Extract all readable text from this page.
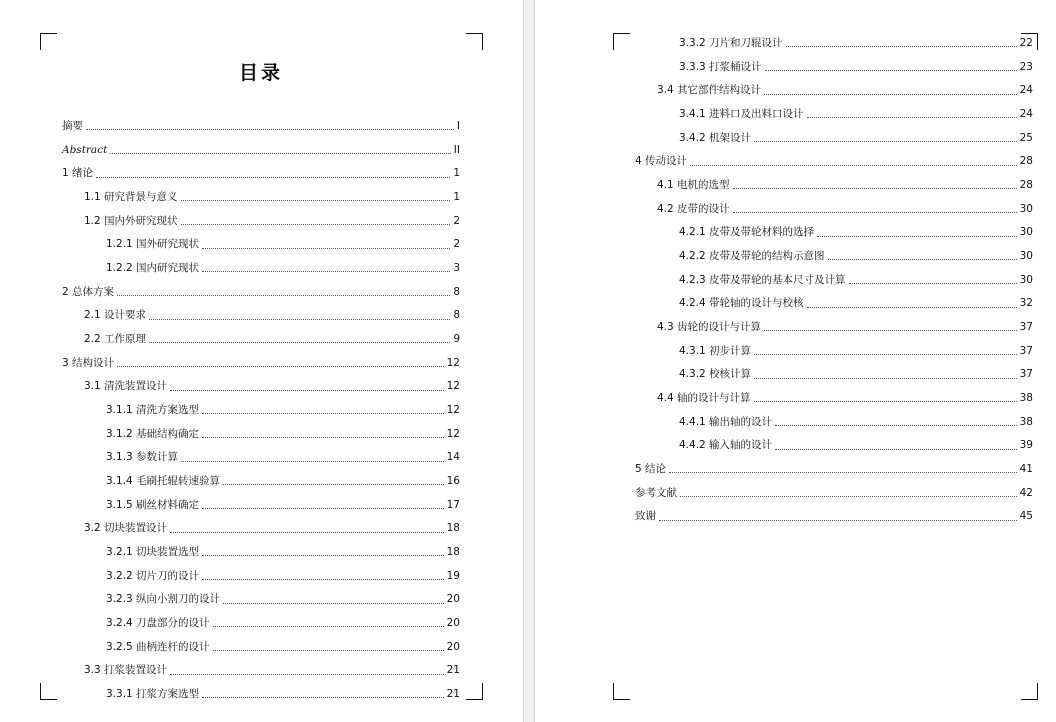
目录
摘要	I
Abstract	II
1 绪论	1
1.1 研究背景与意义	1
1.2 国内外研究现状	2
1.2.1 国外研究现状	2
1.2.2 国内研究现状	3
2 总体方案	8
2.1 设计要求	8
2.2 工作原理	9
3 结构设计	12
3.1 清洗装置设计	12
3.1.1 清洗方案选型	12
3.1.2 基础结构确定	12
3.1.3 参数计算	14
3.1.4 毛刷托辊转速验算	16
3.1.5 刷丝材料确定	17
3.2 切块装置设计	18
3.2.1 切块装置选型	18
3.2.2 切片刀的设计	19
3.2.3 纵向小割刀的设计	20
3.2.4 刀盘部分的设计	20
3.2.5 曲柄连杆的设计	20
3.3 打浆装置设计	21
3.3.1 打浆方案选型	21
3.3.2 刀片和刀辊设计	22
3.3.3 打浆桶设计	23
3.4 其它部件结构设计	24
3.4.1 进料口及出料口设计	24
3.4.2 机架设计	25
4 传动设计	28
4.1 电机的选型	28
4.2 皮带的设计	30
4.2.1 皮带及带轮材料的选择	30
4.2.2 皮带及带轮的结构示意图	30
4.2.3 皮带及带轮的基本尺寸及计算	30
4.2.4 带轮轴的设计与校核	32
4.3 齿轮的设计与计算	37
4.3.1 初步计算	37
4.3.2 校核计算	37
4.4 轴的设计与计算	38
4.4.1 输出轴的设计	38
4.4.2 输入轴的设计	39
5 结论	41
参考文献	42
致谢	45
